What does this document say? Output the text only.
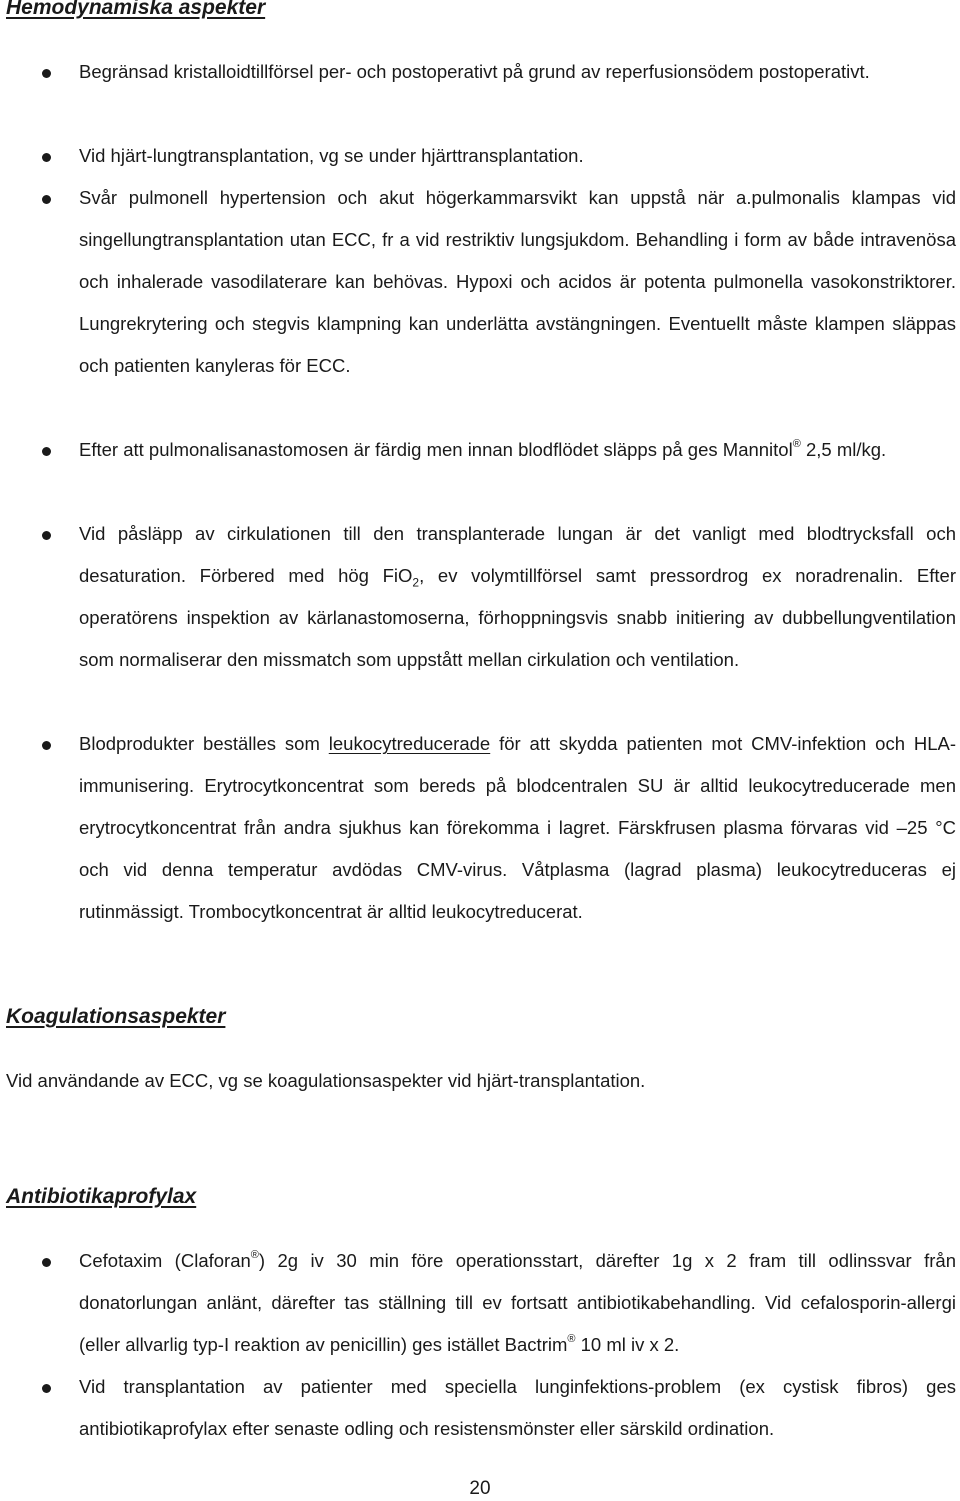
Hemodynamiska aspekter

Begränsad kristalloidtillförsel per- och postoperativt på grund av reperfusionsödem postoperativt.

Vid hjärt-lungtransplantation, vg se under hjärttransplantation.

Svår pulmonell hypertension och akut högerkammarsvikt kan uppstå när a.pulmonalis klampas vid singellungtransplantation utan ECC, fr a vid restriktiv lungsjukdom. Behandling i form av både intravenösa och inhalerade vasodilaterare kan behövas. Hypoxi och acidos är potenta pulmonella vasokonstriktorer. Lungrekrytering och stegvis klampning kan underlätta avstängningen. Eventuellt måste klampen släppas och patienten kanyleras för ECC.

Efter att pulmonalisanastomosen är färdig men innan blodflödet släpps på ges Mannitol® 2,5 ml/kg.

Vid påsläpp av cirkulationen till den transplanterade lungan är det vanligt med blodtrycksfall och desaturation. Förbered med hög FiO$_2$, ev volymtillförsel samt pressordrog ex noradrenalin. Efter operatörens inspektion av kärlanastomoserna, förhoppningsvis snabb initiering av dubbellungventilation som normaliserar den missmatch som uppstått mellan cirkulation och ventilation.

Blodprodukter beställes som leukocytreducerade för att skydda patienten mot CMV-infektion och HLA-immunisering. Erytrocytkoncentrat som bereds på blodcentralen SU är alltid leukocytreducerade men erytrocytkoncentrat från andra sjukhus kan förekomma i lagret. Färskfrusen plasma förvaras vid –25 °C och vid denna temperatur avdödas CMV-virus. Våtplasma (lagrad plasma) leukocytreduceras ej rutinmässigt. Trombocytkoncentrat är alltid leukocytreducerat.

Koagulationsaspekter

Vid användande av ECC, vg se koagulationsaspekter vid hjärt-transplantation.

Antibiotikaprofylax

Cefotaxim (Claforan®) 2g iv 30 min före operationsstart, därefter 1g x 2 fram till odlinssvar från donatorlungan anlänt, därefter tas ställning till ev fortsatt antibiotikabehandling. Vid cefalosporin-allergi (eller allvarlig typ-I reaktion av penicillin) ges istället Bactrim® 10 ml iv x 2.

Vid transplantation av patienter med speciella lunginfektions-problem (ex cystisk fibros) ges antibiotikaprofylax efter senaste odling och resistensmönster eller särskild ordination.

20
